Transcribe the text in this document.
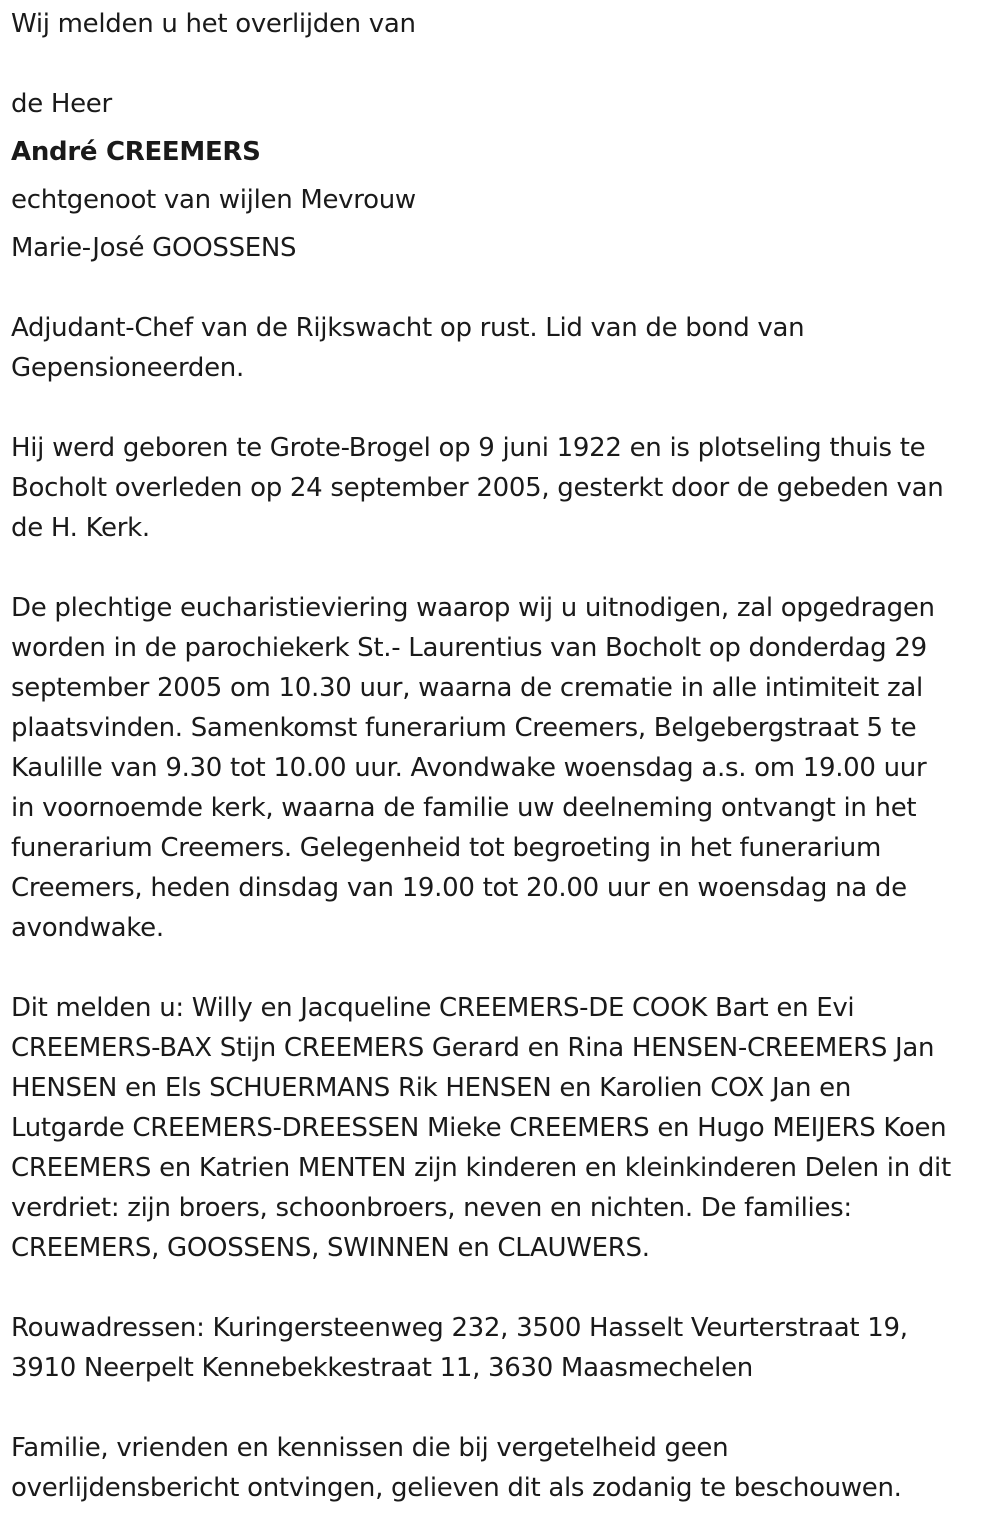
Wij melden u het overlijden van
de Heer
André CREEMERS
echtgenoot van wijlen Mevrouw
Marie-José GOOSSENS
Adjudant-Chef van de Rijkswacht op rust. Lid van de bond van
Gepensioneerden.
Hij werd geboren te Grote-Brogel op 9 juni 1922 en is plotseling thuis te
Bocholt overleden op 24 september 2005, gesterkt door de gebeden van
de H. Kerk.
De plechtige eucharistieviering waarop wij u uitnodigen, zal opgedragen
worden in de parochiekerk St.- Laurentius van Bocholt op donderdag 29
september 2005 om 10.30 uur, waarna de crematie in alle intimiteit zal
plaatsvinden. Samenkomst funerarium Creemers, Belgebergstraat 5 te
Kaulille van 9.30 tot 10.00 uur. Avondwake woensdag a.s. om 19.00 uur
in voornoemde kerk, waarna de familie uw deelneming ontvangt in het
funerarium Creemers. Gelegenheid tot begroeting in het funerarium
Creemers, heden dinsdag van 19.00 tot 20.00 uur en woensdag na de
avondwake.
Dit melden u: Willy en Jacqueline CREEMERS-DE COOK Bart en Evi
CREEMERS-BAX Stijn CREEMERS Gerard en Rina HENSEN-CREEMERS Jan
HENSEN en Els SCHUERMANS Rik HENSEN en Karolien COX Jan en
Lutgarde CREEMERS-DREESSEN Mieke CREEMERS en Hugo MEIJERS Koen
CREEMERS en Katrien MENTEN zijn kinderen en kleinkinderen Delen in dit
verdriet: zijn broers, schoonbroers, neven en nichten. De families:
CREEMERS, GOOSSENS, SWINNEN en CLAUWERS.
Rouwadressen: Kuringersteenweg 232, 3500 Hasselt Veurterstraat 19,
3910 Neerpelt Kennebekkestraat 11, 3630 Maasmechelen
Familie, vrienden en kennissen die bij vergetelheid geen
overlijdensbericht ontvingen, gelieven dit als zodanig te beschouwen.
